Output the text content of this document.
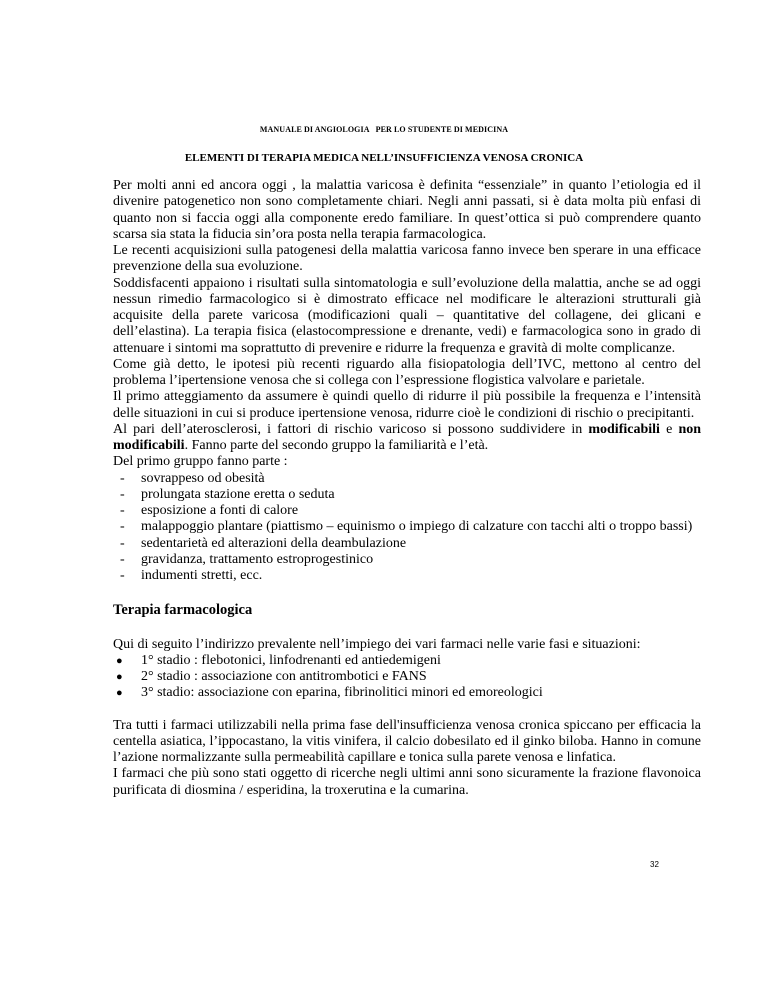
MANUALE DI ANGIOLOGIA PER LO STUDENTE DI MEDICINA
ELEMENTI DI TERAPIA MEDICA NELL’INSUFFICIENZA VENOSA CRONICA

Per molti anni ed ancora oggi , la malattia varicosa è definita “essenziale” in quanto l’etiologia ed il divenire patogenetico non sono completamente chiari. Negli anni passati, si è data molta più enfasi di quanto non si faccia oggi alla componente eredo familiare. In quest’ottica si può comprendere quanto scarsa sia stata la fiducia sin’ora posta nella terapia farmacologica.

Le recenti acquisizioni sulla patogenesi della malattia varicosa fanno invece ben sperare in una efficace prevenzione della sua evoluzione.

Soddisfacenti appaiono i risultati sulla sintomatologia e sull’evoluzione della malattia, anche se ad oggi nessun rimedio farmacologico si è dimostrato efficace nel modificare le alterazioni strutturali già acquisite della parete varicosa (modificazioni quali – quantitative del collagene, dei glicani e dell’elastina). La terapia fisica (elastocompressione e drenante, vedi) e farmacologica sono in grado di attenuare i sintomi ma soprattutto di prevenire e ridurre la frequenza e gravità di molte complicanze.

Come già detto, le ipotesi più recenti riguardo alla fisiopatologia dell’IVC, mettono al centro del problema l’ipertensione venosa che si collega con l’espressione flogistica valvolare e parietale.

Il primo atteggiamento da assumere è quindi quello di ridurre il più possibile la frequenza e l’intensità delle situazioni in cui si produce ipertensione venosa, ridurre cioè le condizioni di rischio o precipitanti.

Al pari dell’aterosclerosi, i fattori di rischio varicoso si possono suddividere in modificabili e non modificabili. Fanno parte del secondo gruppo la familiarità e l’età.

Del primo gruppo fanno parte :

-	sovrappeso od obesità
-	prolungata stazione eretta o seduta
-	esposizione a fonti di calore
-	malappoggio plantare (piattismo – equinismo o impiego di calzature con tacchi alti o troppo bassi)
-	sedentarietà ed alterazioni della deambulazione
-	gravidanza, trattamento estroprogestinico
-	indumenti stretti, ecc.

Terapia farmacologica

Qui di seguito l’indirizzo prevalente nell’impiego dei vari farmaci nelle varie fasi e situazioni:

● 1° stadio : flebotonici, linfodrenanti ed antiedemigeni
● 2° stadio : associazione con antitrombotici e FANS
● 3° stadio: associazione con eparina, fibrinolitici minori ed emoreologici

Tra tutti i farmaci utilizzabili nella prima fase dell'insufficienza venosa cronica spiccano per efficacia la centella asiatica, l’ippocastano, la vitis vinifera, il calcio dobesilato ed il ginko biloba. Hanno in comune l’azione normalizzante sulla permeabilità capillare e tonica sulla parete venosa e linfatica.

I farmaci che più sono stati oggetto di ricerche negli ultimi anni sono sicuramente la frazione flavonoica purificata di diosmina / esperidina, la troxerutina e la cumarina.

32
